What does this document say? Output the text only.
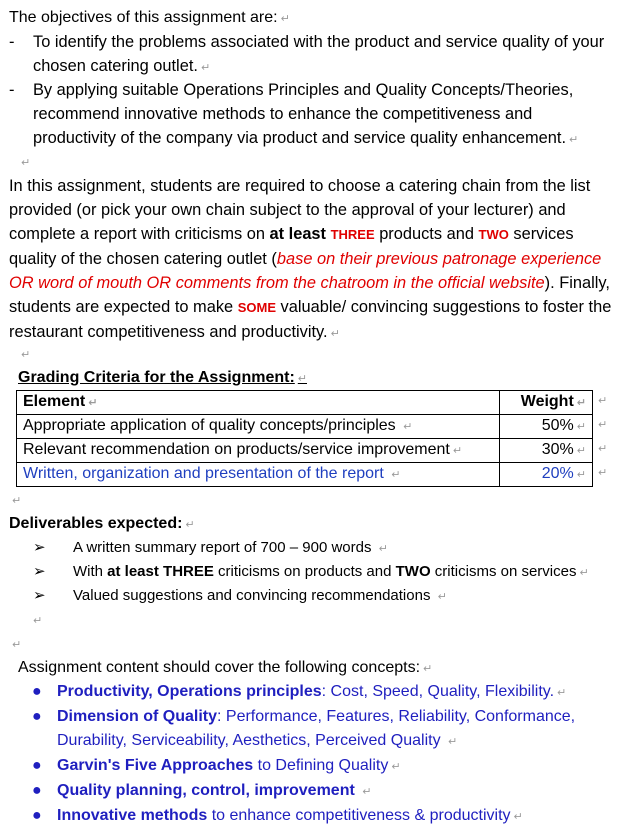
The objectives of this assignment are: ↵
- To identify the problems associated with the product and service quality of your chosen catering outlet. ↵
- By applying suitable Operations Principles and Quality Concepts/Theories, recommend innovative methods to enhance the competitiveness and productivity of the company via product and service quality enhancement. ↵
↵
In this assignment, students are required to choose a catering chain from the list provided (or pick your own chain subject to the approval of your lecturer) and complete a report with criticisms on at least THREE products and TWO services quality of the chosen catering outlet (base on their previous patronage experience OR word of mouth OR comments from the chatroom in the official website). Finally, students are expected to make SOME valuable/ convincing suggestions to foster the restaurant competitiveness and productivity. ↵
↵
Grading Criteria for the Assignment: ↵
Element ↵	Weight ↵
Appropriate application of quality concepts/principles ↵	50% ↵
Relevant recommendation on products/service improvement ↵	30% ↵
Written, organization and presentation of the report ↵	20% ↵
↵
↵
↵
↵
↵
Deliverables expected: ↵
➢ A written summary report of 700 – 900 words ↵
➢ With at least THREE criticisms on products and TWO criticisms on services ↵
➢ Valued suggestions and convincing recommendations ↵
↵
↵
Assignment content should cover the following concepts: ↵
● Productivity, Operations principles: Cost, Speed, Quality, Flexibility. ↵
● Dimension of Quality: Performance, Features, Reliability, Conformance, Durability, Serviceability, Aesthetics, Perceived Quality ↵
● Garvin's Five Approaches to Defining Quality ↵
● Quality planning, control, improvement ↵
● Innovative methods to enhance competitiveness & productivity ↵
